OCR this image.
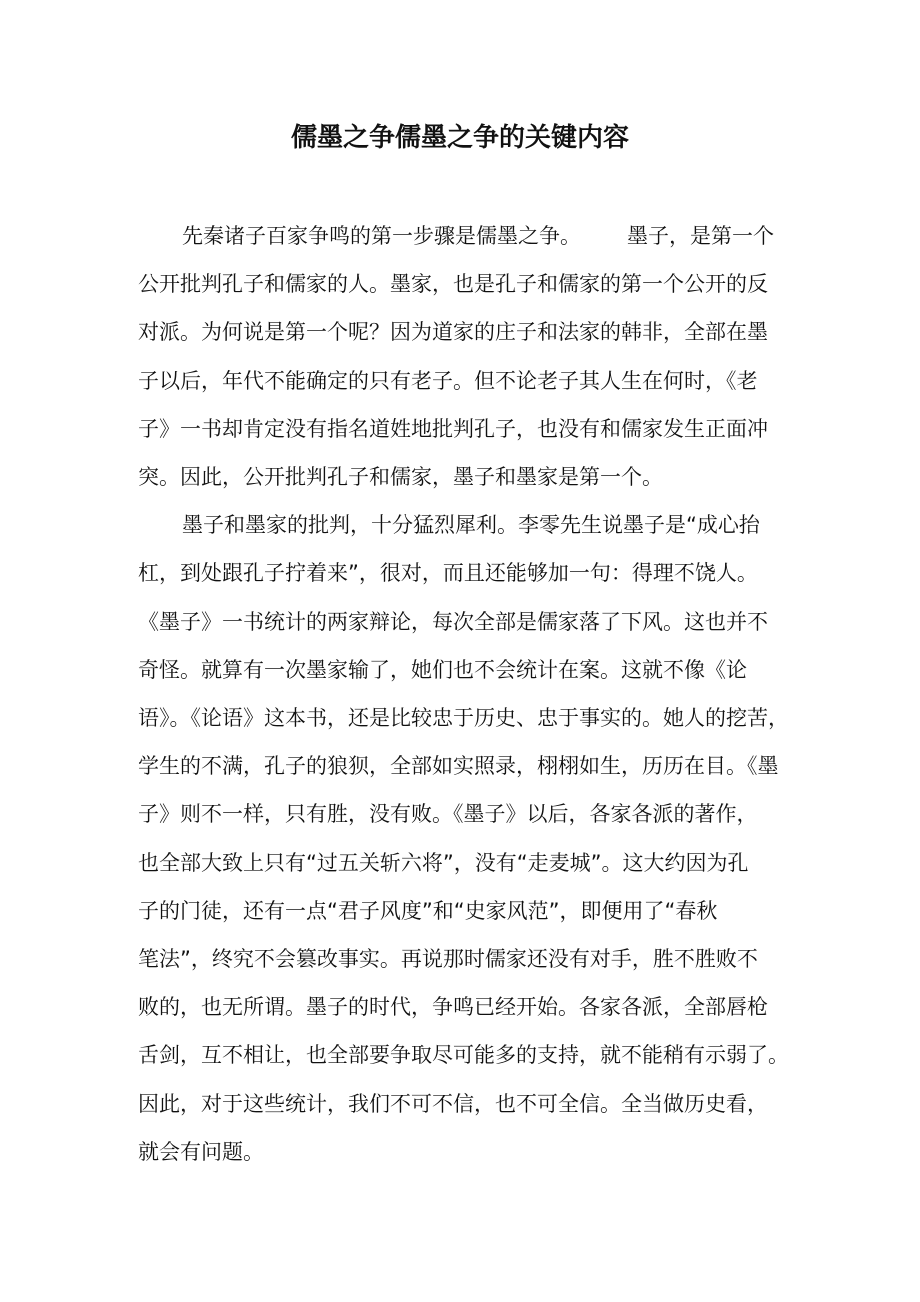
儒墨之争儒墨之争的关键内容

先秦诸子百家争鸣的第一步骤是儒墨之争。 墨子，是第一个
公开批判孔子和儒家的人。墨家，也是孔子和儒家的第一个公开的反
对派。为何说是第一个呢？因为道家的庄子和法家的韩非，全部在墨
子以后，年代不能确定的只有老子。但不论老子其人生在何时，《老
子》一书却肯定没有指名道姓地批判孔子，也没有和儒家发生正面冲
突。因此，公开批判孔子和儒家，墨子和墨家是第一个。

墨子和墨家的批判，十分猛烈犀利。李零先生说墨子是“成心抬
杠，到处跟孔子拧着来”，很对，而且还能够加一句：得理不饶人。
《墨子》一书统计的两家辩论，每次全部是儒家落了下风。这也并不
奇怪。就算有一次墨家输了，她们也不会统计在案。这就不像《论
语》。《论语》这本书，还是比较忠于历史、忠于事实的。她人的挖苦，
学生的不满，孔子的狼狈，全部如实照录，栩栩如生，历历在目。《墨
子》则不一样，只有胜，没有败。《墨子》以后，各家各派的著作，
也全部大致上只有“过五关斩六将”，没有“走麦城”。这大约因为孔
子的门徒，还有一点“君子风度”和“史家风范”，即便用了“春秋
笔法”，终究不会篡改事实。再说那时儒家还没有对手，胜不胜败不
败的，也无所谓。墨子的时代，争鸣已经开始。各家各派，全部唇枪
舌剑，互不相让，也全部要争取尽可能多的支持，就不能稍有示弱了。
因此，对于这些统计，我们不可不信，也不可全信。全当做历史看，
就会有问题。
